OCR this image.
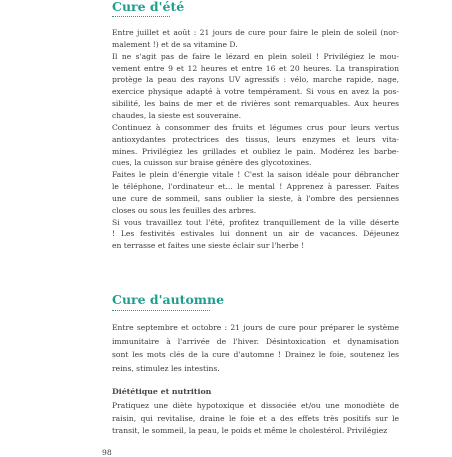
Cure d'été
Entre juillet et août : 21 jours de cure pour faire le plein de soleil (nor-
malement !) et de sa vitamine D.
Il ne s'agit pas de faire le lézard en plein soleil ! Privilégiez le mou-
vement entre 9 et 12 heures et entre 16 et 20 heures. La transpiration
protège la peau des rayons UV agressifs : vélo, marche rapide, nage,
exercice physique adapté à votre tempérament. Si vous en avez la pos-
sibilité, les bains de mer et de rivières sont remarquables. Aux heures
chaudes, la sieste est souveraine.
Continuez à consommer des fruits et légumes crus pour leurs vertus
antioxydantes protectrices des tissus, leurs enzymes et leurs vita-
mines. Privilégiez les grillades et oubliez le pain. Modérez les barbe-
cues, la cuisson sur braise génère des glycotoxines.
Faites le plein d'énergie vitale ! C'est la saison idéale pour débrancher
le téléphone, l'ordinateur et... le mental ! Apprenez à paresser. Faites
une cure de sommeil, sans oublier la sieste, à l'ombre des persiennes
closes ou sous les feuilles des arbres.
Si vous travaillez tout l'été, profitez tranquillement de la ville déserte
! Les festivités estivales lui donnent un air de vacances. Déjeunez
en terrasse et faites une sieste éclair sur l'herbe !
Cure d'automne
Entre septembre et octobre : 21 jours de cure pour préparer le système
immunitaire à l'arrivée de l'hiver. Désintoxication et dynamisation
sont les mots clés de la cure d'automne ! Drainez le foie, soutenez les
reins, stimulez les intestins.
Diététique et nutrition
Pratiquez une diète hypotoxique et dissociée et/ou une monodiète de
raisin, qui revitalise, draine le foie et a des effets très positifs sur le
transit, le sommeil, la peau, le poids et même le cholestérol. Privilégiez
98
